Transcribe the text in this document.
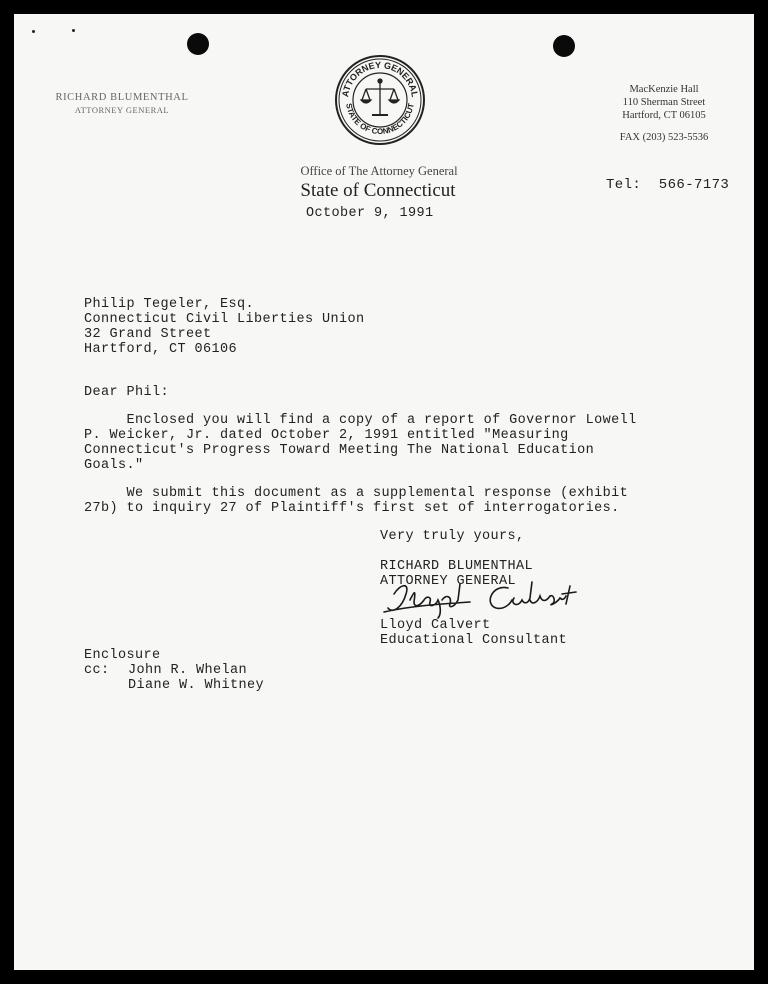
RICHARD BLUMENTHAL
ATTORNEY GENERAL
ATTORNEY GENERAL
STATE OF CONNECTICUT
Office of The Attorney General
State of Connecticut
MacKenzie Hall
110 Sherman Street
Hartford, CT 06105
FAX (203) 523-5536
October 9, 1991
Tel:  566-7173
Philip Tegeler, Esq.
Connecticut Civil Liberties Union
32 Grand Street
Hartford, CT 06106
Dear Phil:
Enclosed you will find a copy of a report of Governor Lowell
P. Weicker, Jr. dated October 2, 1991 entitled "Measuring
Connecticut's Progress Toward Meeting The National Education
Goals."
We submit this document as a supplemental response (exhibit
27b) to inquiry 27 of Plaintiff's first set of interrogatories.
Very truly yours,
RICHARD BLUMENTHAL
ATTORNEY GENERAL
Lloyd Calvert
Educational Consultant
Enclosure
cc:	John R. Whelan
Diane W. Whitney
